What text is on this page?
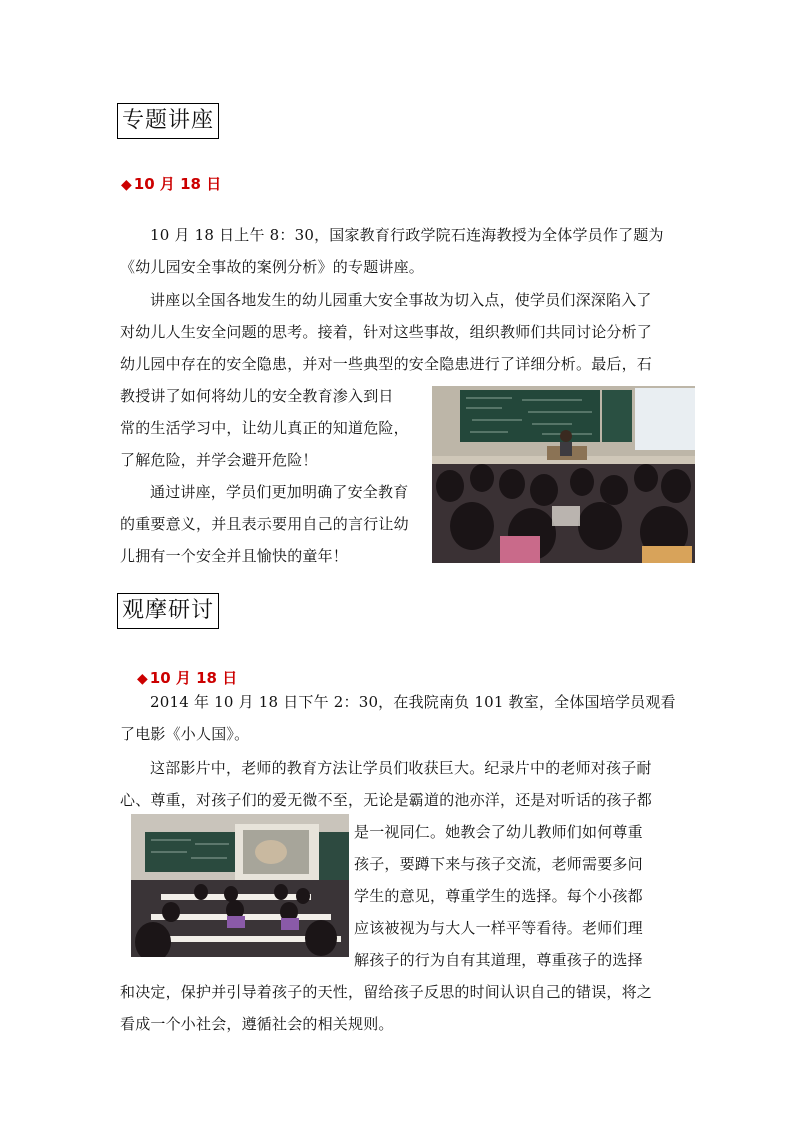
专题讲座
◆ 10 月 18 日
10 月 18 日上午 8：30，国家教育行政学院石连海教授为全体学员作了题为
《幼儿园安全事故的案例分析》的专题讲座。
讲座以全国各地发生的幼儿园重大安全事故为切入点，使学员们深深陷入了
对幼儿人生安全问题的思考。接着，针对这些事故，组织教师们共同讨论分析了
幼儿园中存在的安全隐患，并对一些典型的安全隐患进行了详细分析。最后，石
教授讲了如何将幼儿的安全教育渗入到日
常的生活学习中，让幼儿真正的知道危险，
了解危险，并学会避开危险！
通过讲座，学员们更加明确了安全教育
的重要意义，并且表示要用自己的言行让幼
儿拥有一个安全并且愉快的童年！
观摩研讨
◆ 10 月 18 日
2014 年 10 月 18 日下午 2：30，在我院南负 101 教室，全体国培学员观看
了电影《小人国》。
这部影片中，老师的教育方法让学员们收获巨大。纪录片中的老师对孩子耐
心、尊重，对孩子们的爱无微不至，无论是霸道的池亦洋，还是对听话的孩子都
是一视同仁。她教会了幼儿教师们如何尊重
孩子，要蹲下来与孩子交流，老师需要多问
学生的意见，尊重学生的选择。每个小孩都
应该被视为与大人一样平等看待。老师们理
解孩子的行为自有其道理，尊重孩子的选择
和决定，保护并引导着孩子的天性，留给孩子反思的时间认识自己的错误，将之
看成一个小社会，遵循社会的相关规则。
